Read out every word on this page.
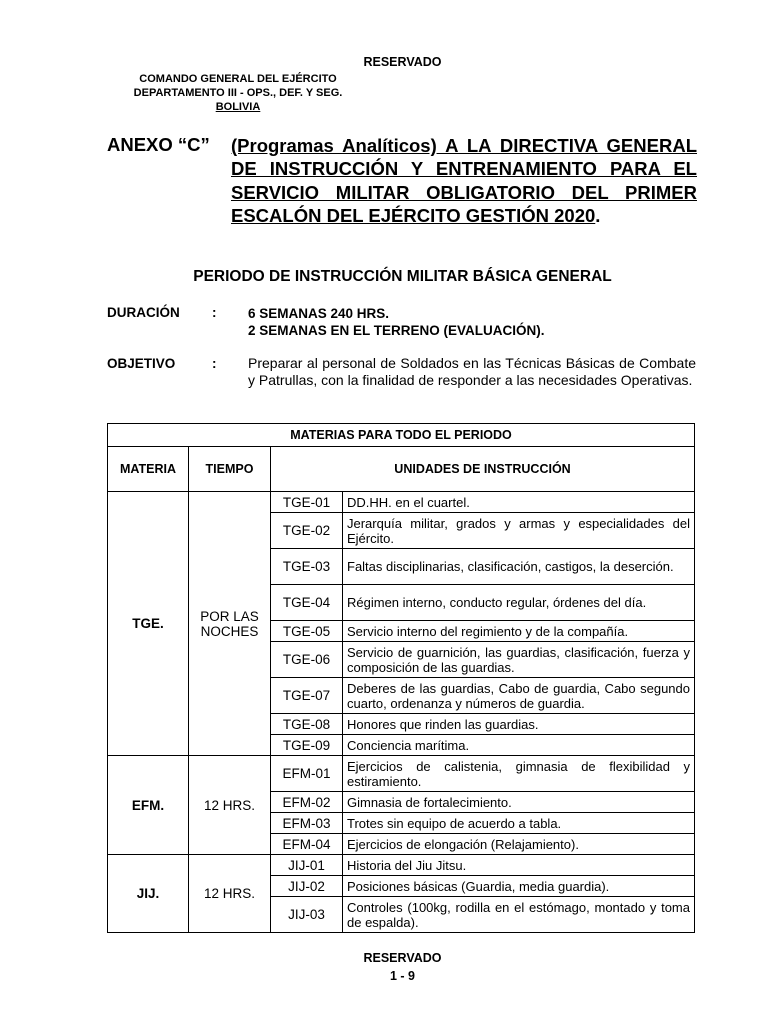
RESERVADO
COMANDO GENERAL DEL EJÉRCITO
DEPARTAMENTO III - OPS., DEF. Y SEG.
BOLIVIA
ANEXO “C” (Programas Analíticos) A LA DIRECTIVA GENERAL DE INSTRUCCIÓN Y ENTRENAMIENTO PARA EL SERVICIO MILITAR OBLIGATORIO DEL PRIMER ESCALÓN DEL EJÉRCITO GESTIÓN 2020.
PERIODO DE INSTRUCCIÓN MILITAR BÁSICA GENERAL
DURACIÓN : 6 SEMANAS 240 HRS.
2 SEMANAS EN EL TERRENO (EVALUACIÓN).
OBJETIVO	: Preparar al personal de Soldados en las Técnicas Básicas de Combate y Patrullas, con la finalidad de responder a las necesidades Operativas.
MATERIAS PARA TODO EL PERIODO			
MATERIA	TIEMPO	UNIDADES DE INSTRUCCIÓN	
TGE.	POR LAS NOCHES	TGE-01	DD.HH. en el cuartel.
		TGE-02	Jerarquía militar, grados y armas y especialidades del Ejército.
		TGE-03	Faltas disciplinarias, clasificación, castigos, la deserción.
		TGE-04	Régimen interno, conducto regular, órdenes del día.
		TGE-05	Servicio interno del regimiento y de la compañía.
		TGE-06	Servicio de guarnición, las guardias, clasificación, fuerza y composición de las guardias.
		TGE-07	Deberes de las guardias, Cabo de guardia, Cabo segundo cuarto, ordenanza y números de guardia.
		TGE-08	Honores que rinden las guardias.
		TGE-09	Conciencia marítima.
EFM.	12 HRS.	EFM-01	Ejercicios de calistenia, gimnasia de flexibilidad y estiramiento.
		EFM-02	Gimnasia de fortalecimiento.
		EFM-03	Trotes sin equipo de acuerdo a tabla.
		EFM-04	Ejercicios de elongación (Relajamiento).
JIJ.	12 HRS.	JIJ-01	Historia del Jiu Jitsu.
		JIJ-02	Posiciones básicas (Guardia, media guardia).
		JIJ-03	Controles (100kg, rodilla en el estómago, montado y toma de espalda).
RESERVADO
1 - 9
